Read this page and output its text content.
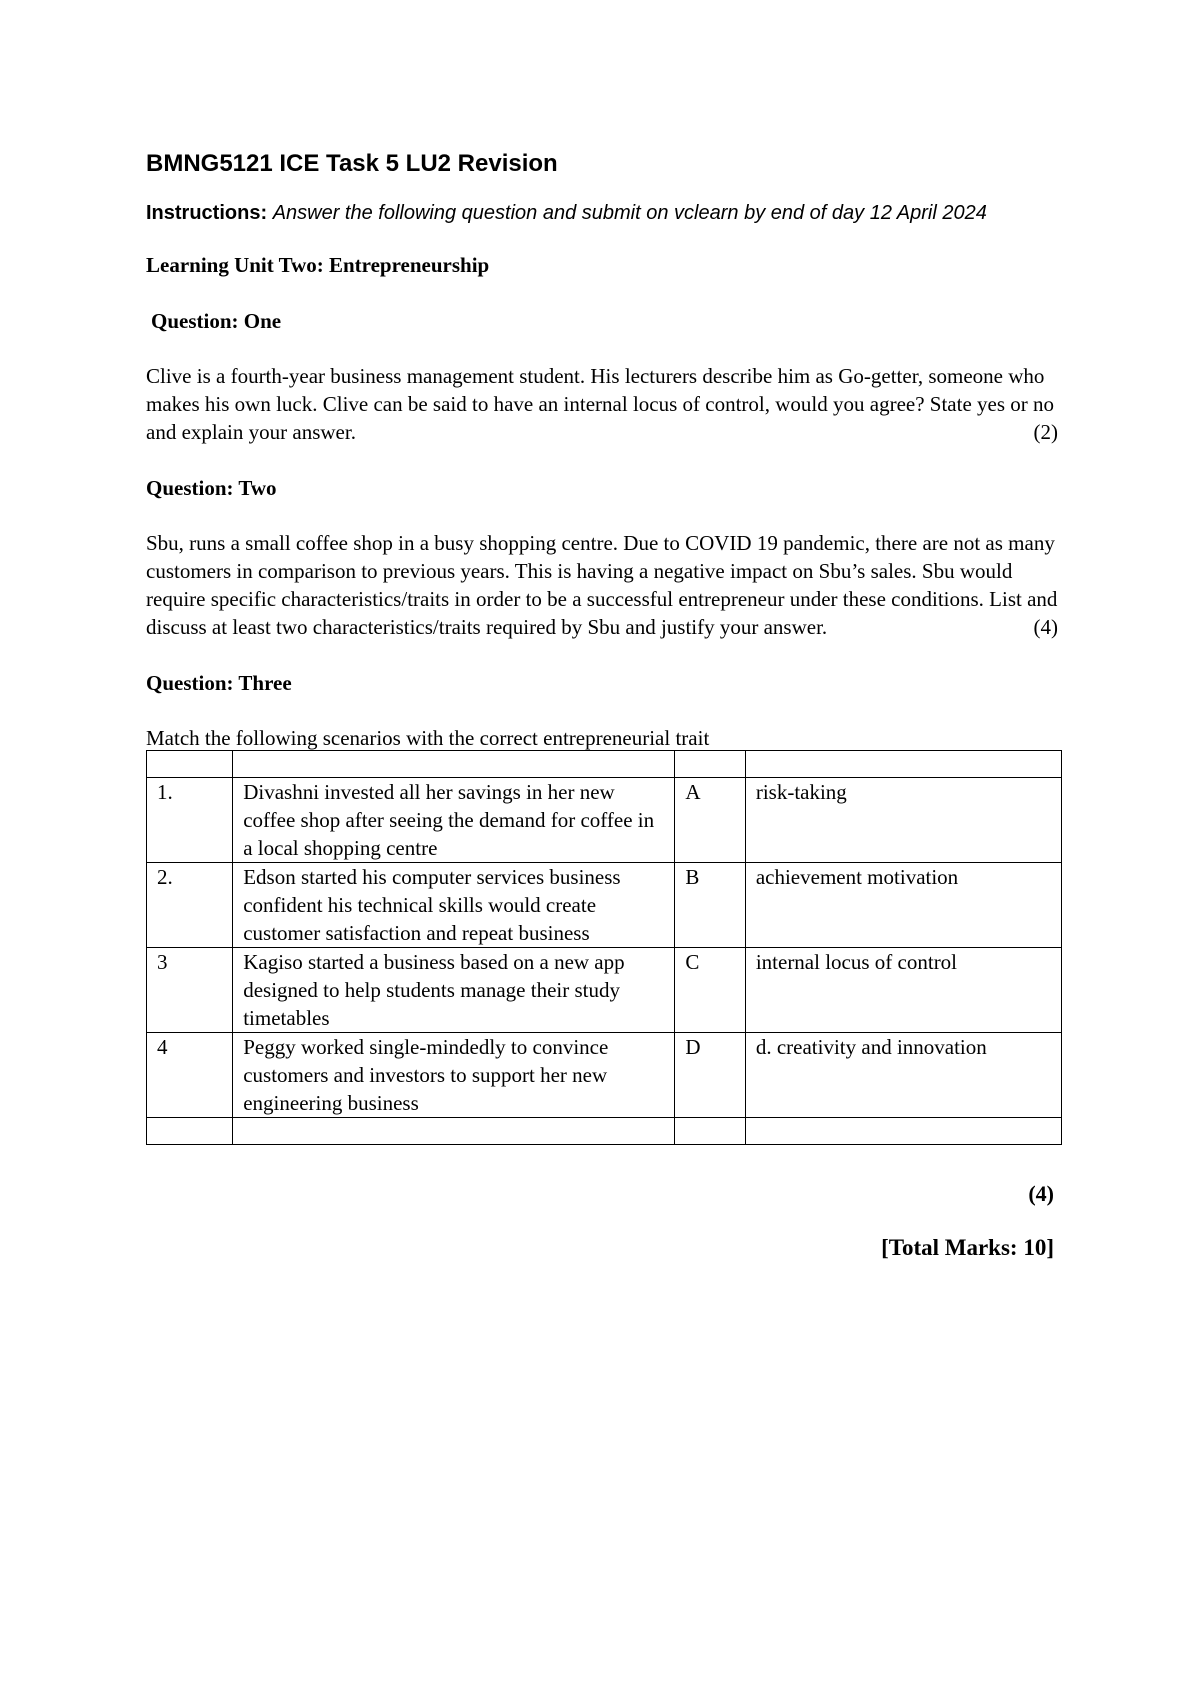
BMNG5121 ICE Task 5 LU2 Revision
Instructions: Answer the following question and submit on vclearn by end of day 12 April 2024
Learning Unit Two: Entrepreneurship
Question: One
Clive is a fourth-year business management student. His lecturers describe him as Go-getter, someone who makes his own luck. Clive can be said to have an internal locus of control, would you agree? State yes or no and explain your answer.	(2)
Question: Two
Sbu, runs a small coffee shop in a busy shopping centre. Due to COVID 19 pandemic, there are not as many customers in comparison to previous years. This is having a negative impact on Sbu’s sales. Sbu would require specific characteristics/traits in order to be a successful entrepreneur under these conditions. List and discuss at least two characteristics/traits required by Sbu and justify your answer.	(4)
Question: Three
Match the following scenarios with the correct entrepreneurial trait

1.	Divashni invested all her savings in her new coffee shop after seeing the demand for coffee in a local shopping centre	A	risk-taking
2.	Edson started his computer services business confident his technical skills would create customer satisfaction and repeat business	B	achievement motivation
3	Kagiso started a business based on a new app designed to help students manage their study timetables	C	internal locus of control
4	Peggy worked single-mindedly to convince customers and investors to support her new engineering business	D	d. creativity and innovation

(4)
[Total Marks: 10]
